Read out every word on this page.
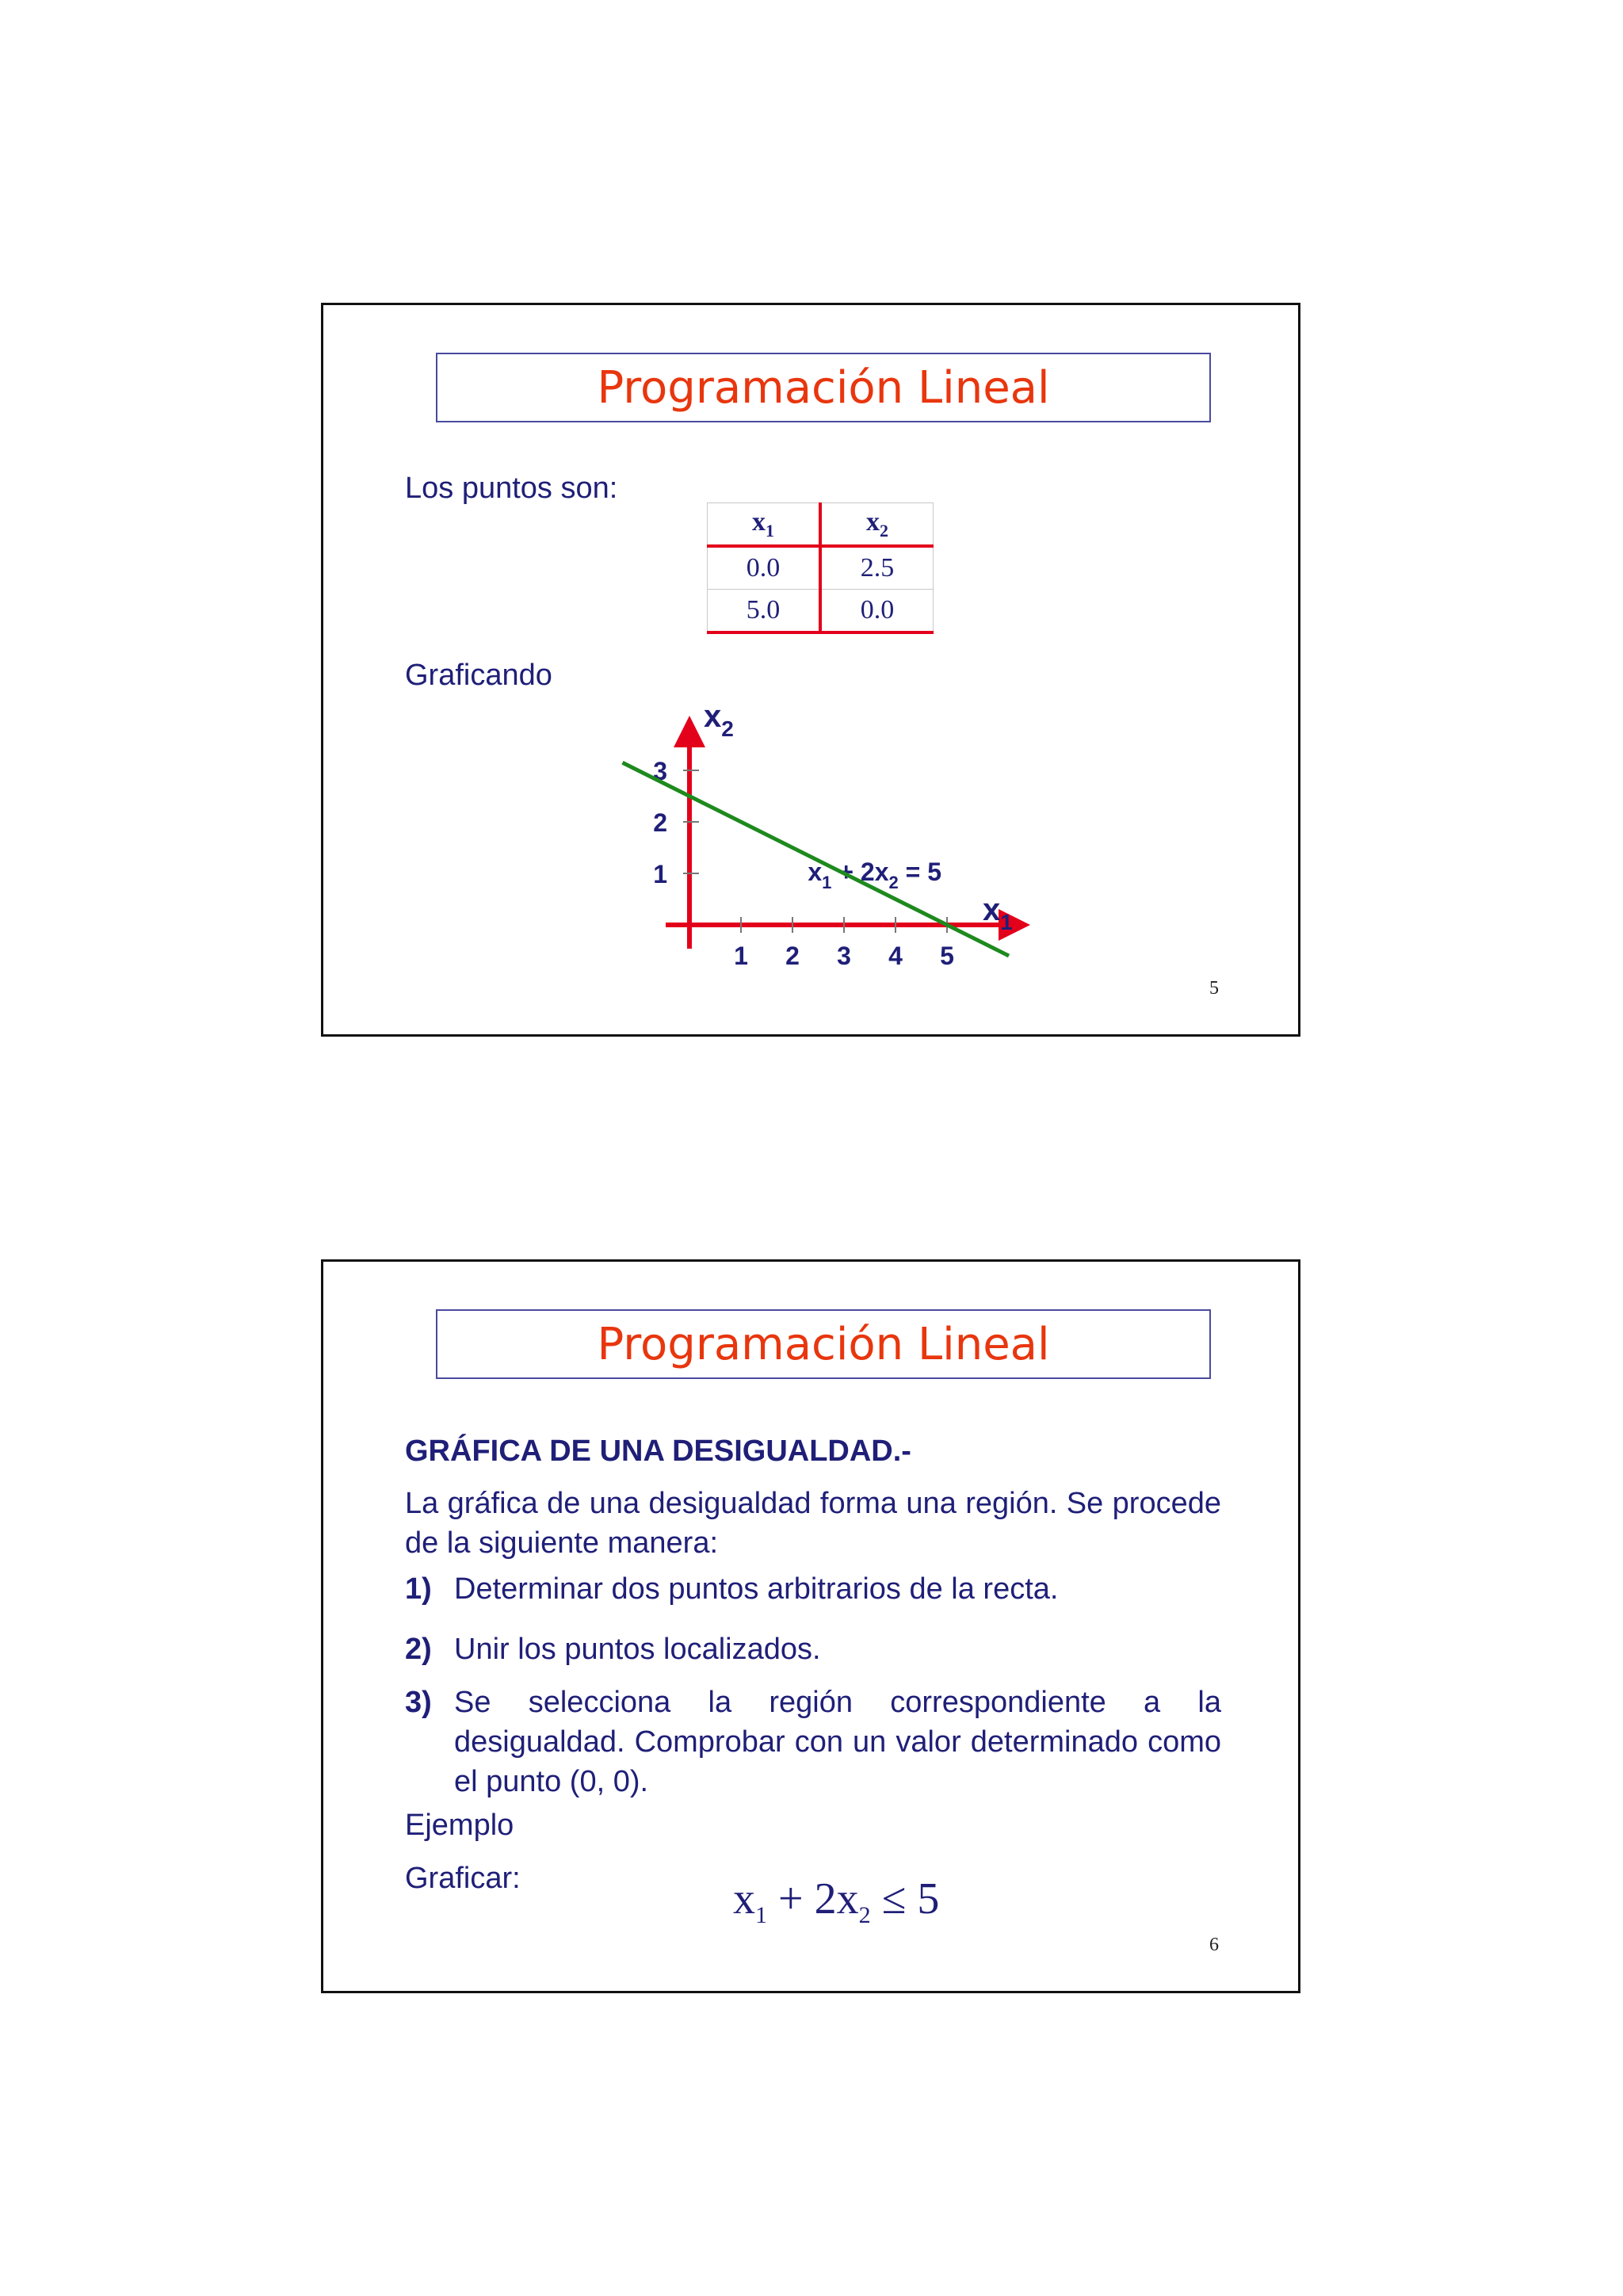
Programación Lineal
Los puntos son:
$x_1$	$x_2$
0.0	2.5
5.0	0.0
Graficando
3
2
1
5
4
3
2
1
$x_2$
$x_1$
$x_1 + 2x_2 = 5$
5
Programación Lineal
GRÁFICA DE UNA DESIGUALDAD.-
La gráfica de una desigualdad forma una región. Se procede de la siguiente manera:
1) Determinar dos puntos arbitrarios de la recta.
2) Unir los puntos localizados.
3) Se selecciona la región correspondiente a la desigualdad. Comprobar con un valor determinado como el punto (0, 0).
Ejemplo
Graficar:	$x_1 + 2x_2 \le 5$
6
